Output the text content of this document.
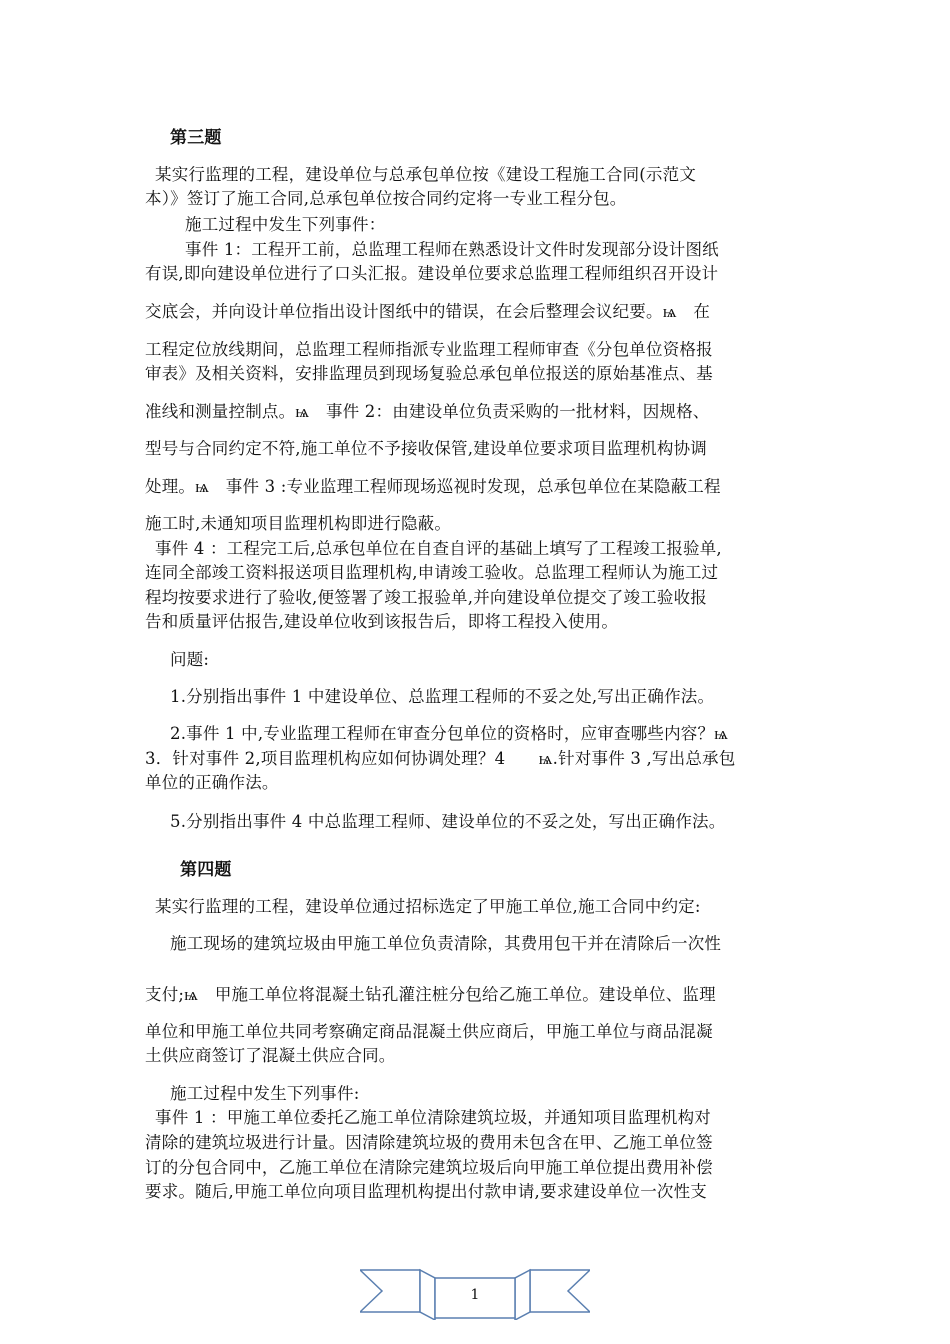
第三题
某实行监理的工程，建设单位与总承包单位按《建设工程施工合同(示范文
本）》签订了施工合同,总承包单位按合同约定将一专业工程分包。
施工过程中发生下列事件：
事件 1：工程开工前，总监理工程师在熟悉设计文件时发现部分设计图纸
有误,即向建设单位进行了口头汇报。建设单位要求总监理工程师组织召开设计
交底会，并向设计单位指出设计图纸中的错误，在会后整理会议纪要。ѩ　在
工程定位放线期间，总监理工程师指派专业监理工程师审查《分包单位资格报
审表》及相关资料，安排监理员到现场复验总承包单位报送的原始基准点、基
准线和测量控制点。ѩ　事件 2：由建设单位负责采购的一批材料，因规格、
型号与合同约定不符,施工单位不予接收保管,建设单位要求项目监理机构协调
处理。ѩ　事件 3 :专业监理工程师现场巡视时发现，总承包单位在某隐蔽工程
施工时,未通知项目监理机构即进行隐蔽。
事件 4 ：工程完工后,总承包单位在自查自评的基础上填写了工程竣工报验单,
连同全部竣工资料报送项目监理机构,申请竣工验收。总监理工程师认为施工过
程均按要求进行了验收,便签署了竣工报验单,并向建设单位提交了竣工验收报
告和质量评估报告,建设单位收到该报告后，即将工程投入使用。
问题:
1.分别指出事件 1 中建设单位、总监理工程师的不妥之处,写出正确作法。
2.事件 1 中,专业监理工程师在审查分包单位的资格时，应审查哪些内容？ѩ
3．针对事件 2,项目监理机构应如何协调处理？4　　ѩ.针对事件 3 ,写出总承包
单位的正确作法。
5.分别指出事件 4 中总监理工程师、建设单位的不妥之处，写出正确作法。
第四题
某实行监理的工程，建设单位通过招标选定了甲施工单位,施工合同中约定:
施工现场的建筑垃圾由甲施工单位负责清除，其费用包干并在清除后一次性
支付;ѩ　甲施工单位将混凝土钻孔灌注桩分包给乙施工单位。建设单位、监理
单位和甲施工单位共同考察确定商品混凝土供应商后，甲施工单位与商品混凝
土供应商签订了混凝土供应合同。
施工过程中发生下列事件:
事件 1 ：甲施工单位委托乙施工单位清除建筑垃圾，并通知项目监理机构对
清除的建筑垃圾进行计量。因清除建筑垃圾的费用未包含在甲、乙施工单位签
订的分包合同中，乙施工单位在清除完建筑垃圾后向甲施工单位提出费用补偿
要求。随后,甲施工单位向项目监理机构提出付款申请,要求建设单位一次性支
1
